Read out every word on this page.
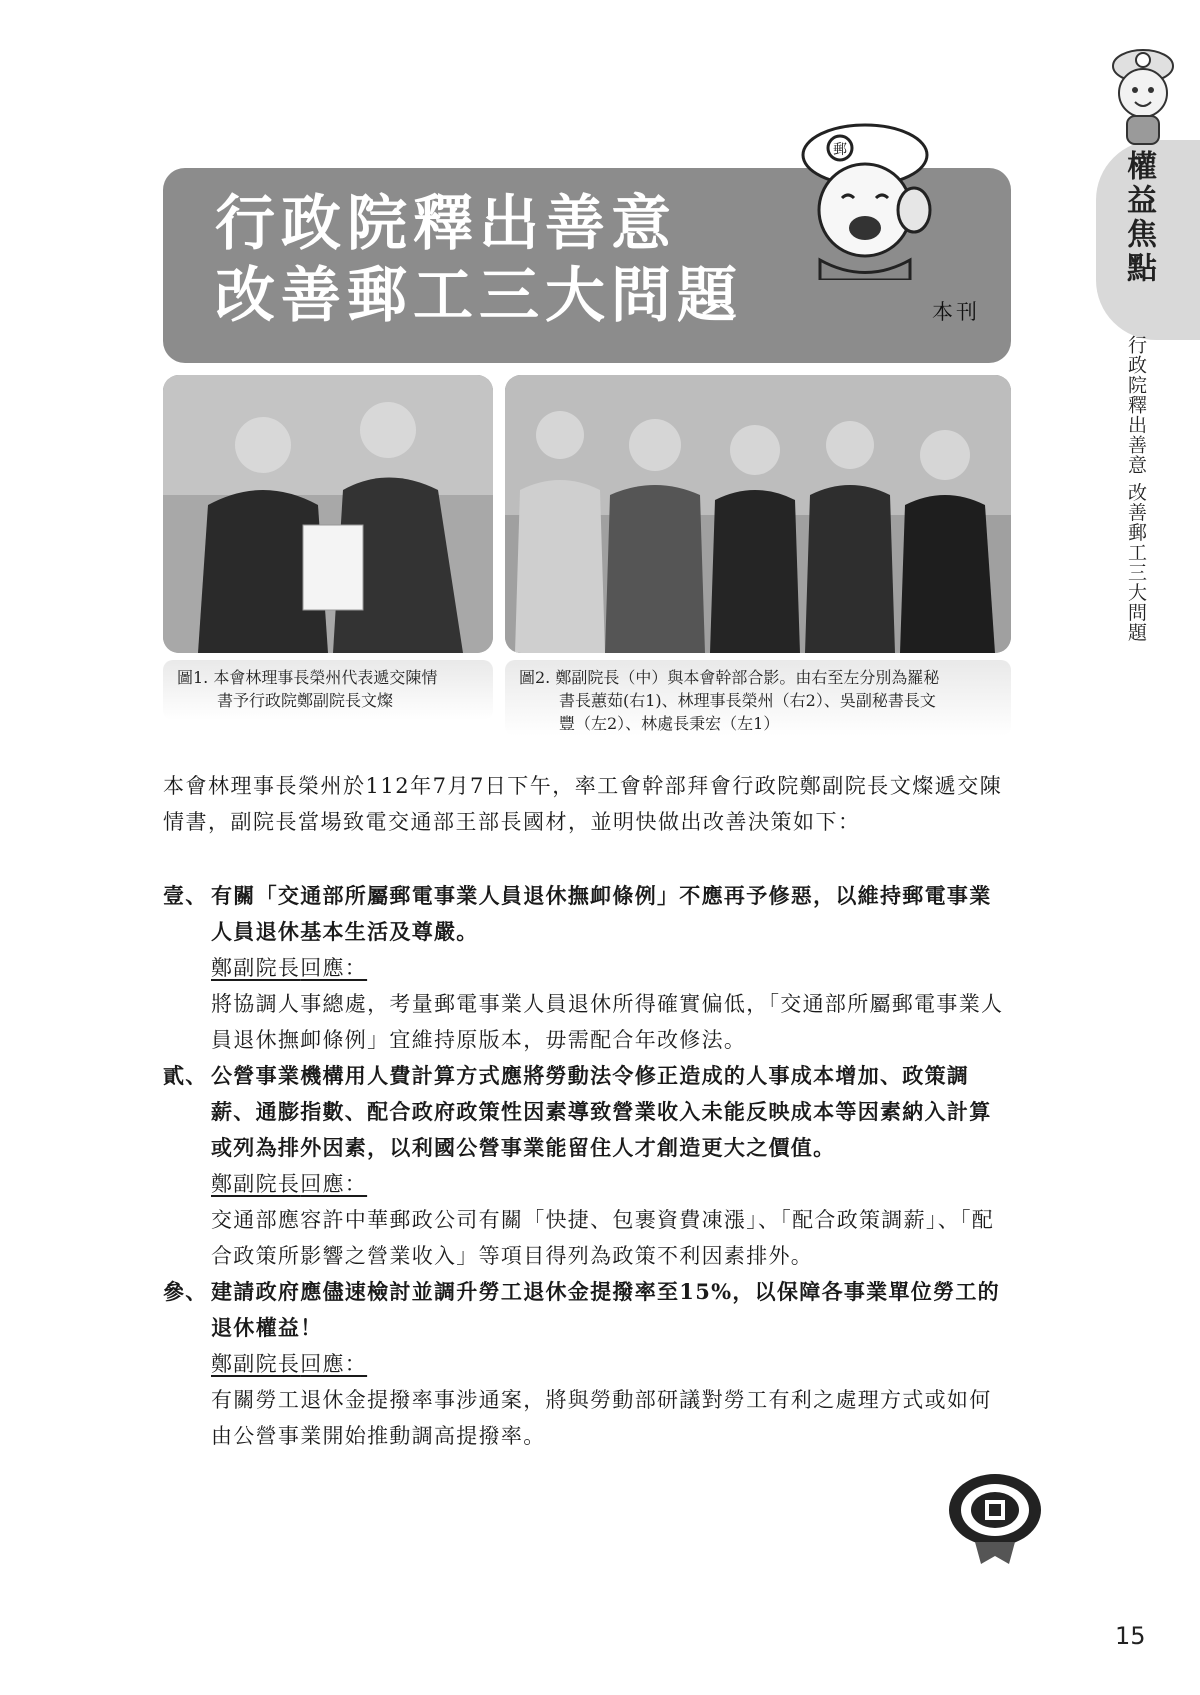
權益焦點
行政院釋出善意 改善郵工三大問題
行政院釋出善意
改善郵工三大問題
郵
本刊
圖1. 本會林理事長榮州代表遞交陳情
書予行政院鄭副院長文燦
圖2. 鄭副院長（中）與本會幹部合影。由右至左分別為羅秘
書長蕙茹(右1)、林理事長榮州（右2）、吳副秘書長文
豐（左2）、林處長秉宏（左1）

本會林理事長榮州於112年7月7日下午，率工會幹部拜會行政院鄭副院長文燦遞交陳情書，副院長當場致電交通部王部長國材，並明快做出改善決策如下：

壹、 有關「交通部所屬郵電事業人員退休撫卹條例」不應再予修惡，以維持郵電事業人員退休基本生活及尊嚴。
鄭副院長回應：
將協調人事總處，考量郵電事業人員退休所得確實偏低，「交通部所屬郵電事業人員退休撫卹條例」宜維持原版本，毋需配合年改修法。
貳、 公營事業機構用人費計算方式應將勞動法令修正造成的人事成本增加、政策調薪、通膨指數、配合政府政策性因素導致營業收入未能反映成本等因素納入計算或列為排外因素，以利國公營事業能留住人才創造更大之價值。
鄭副院長回應：
交通部應容許中華郵政公司有關「快捷、包裹資費凍漲」、「配合政策調薪」、「配合政策所影響之營業收入」等項目得列為政策不利因素排外。
參、 建請政府應儘速檢討並調升勞工退休金提撥率至15%，以保障各事業單位勞工的退休權益！
鄭副院長回應：
有關勞工退休金提撥率事涉通案，將與勞動部研議對勞工有利之處理方式或如何由公營事業開始推動調高提撥率。
15
